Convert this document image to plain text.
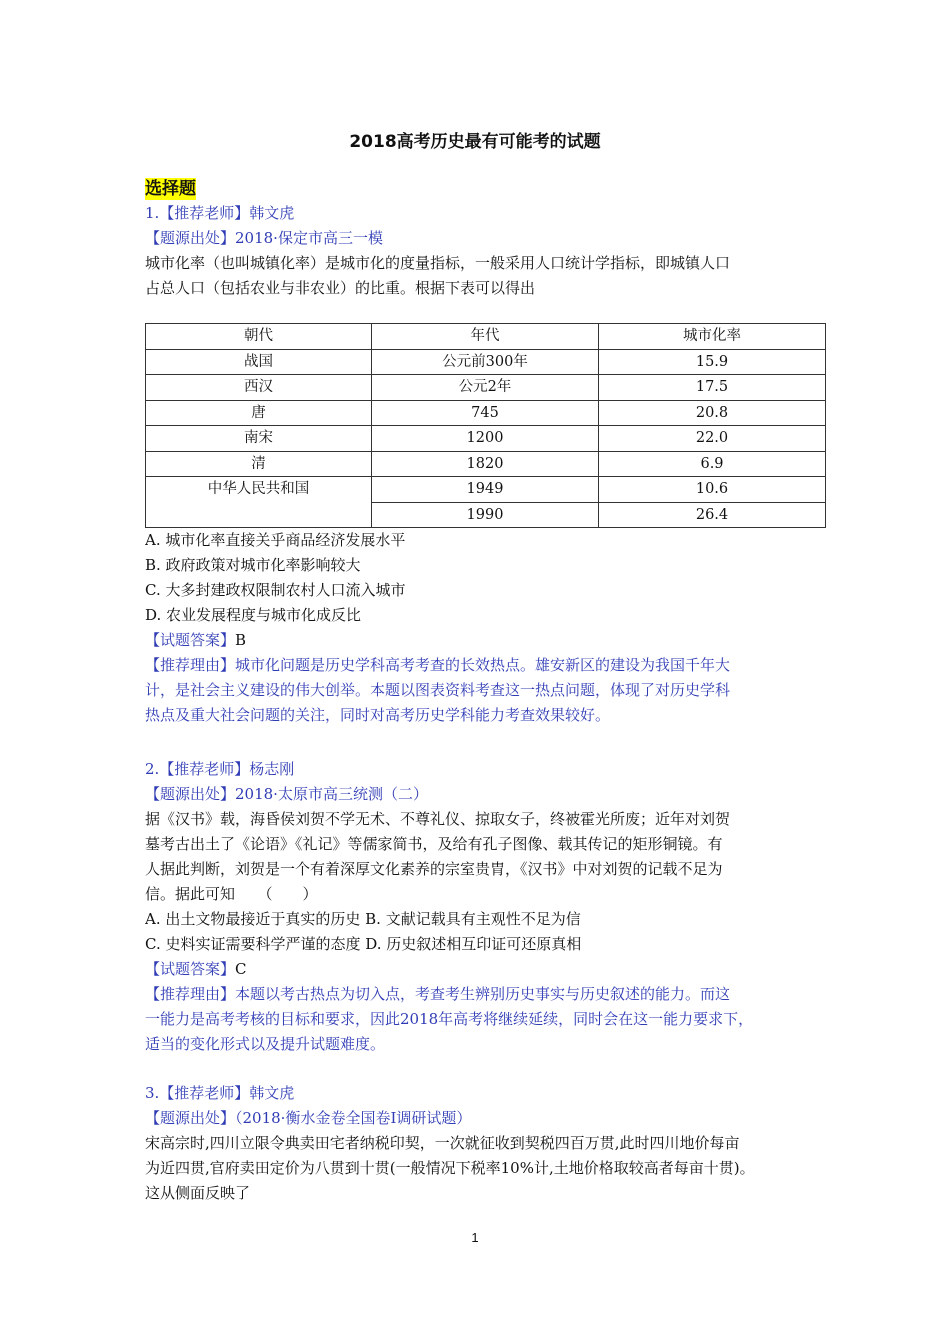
2018高考历史最有可能考的试题
选择题
1.【推荐老师】韩文虎
【题源出处】2018·保定市高三一模
城市化率（也叫城镇化率）是城市化的度量指标，一般采用人口统计学指标，即城镇人口
占总人口（包括农业与非农业）的比重。根据下表可以得出
朝代	年代	城市化率
战国	公元前300年	15.9
西汉	公元2年	17.5
唐	745	20.8
南宋	1200	22.0
清	1820	6.9
中华人民共和国	1949	10.6
	1990	26.4
A. 城市化率直接关乎商品经济发展水平
B. 政府政策对城市化率影响较大
C. 大多封建政权限制农村人口流入城市
D. 农业发展程度与城市化成反比
【试题答案】B
【推荐理由】城市化问题是历史学科高考考查的长效热点。雄安新区的建设为我国千年大
计，是社会主义建设的伟大创举。本题以图表资料考查这一热点问题，体现了对历史学科
热点及重大社会问题的关注，同时对高考历史学科能力考查效果较好。
2.【推荐老师】杨志刚
【题源出处】2018·太原市高三统测（二）
据《汉书》载，海昏侯刘贺不学无术、不尊礼仪、掠取女子，终被霍光所废；近年对刘贺
墓考古出土了《论语》《礼记》等儒家简书，及给有孔子图像、载其传记的矩形铜镜。有
人据此判断，刘贺是一个有着深厚文化素养的宗室贵胄，《汉书》中对刘贺的记载不足为
信。据此可知　　（　　）
A. 出土文物最接近于真实的历史 B. 文献记载具有主观性不足为信
C. 史料实证需要科学严谨的态度 D. 历史叙述相互印证可还原真相
【试题答案】C
【推荐理由】本题以考古热点为切入点，考查考生辨别历史事实与历史叙述的能力。而这
一能力是高考考核的目标和要求，因此2018年高考将继续延续，同时会在这一能力要求下，
适当的变化形式以及提升试题难度。
3.【推荐老师】韩文虎
【题源出处】（2018·衡水金卷全国卷I调研试题）
宋高宗时,四川立限令典卖田宅者纳税印契，一次就征收到契税四百万贯,此时四川地价每亩
为近四贯,官府卖田定价为八贯到十贯(一般情况下税率10%计,土地价格取较高者每亩十贯)。
这从侧面反映了
1
